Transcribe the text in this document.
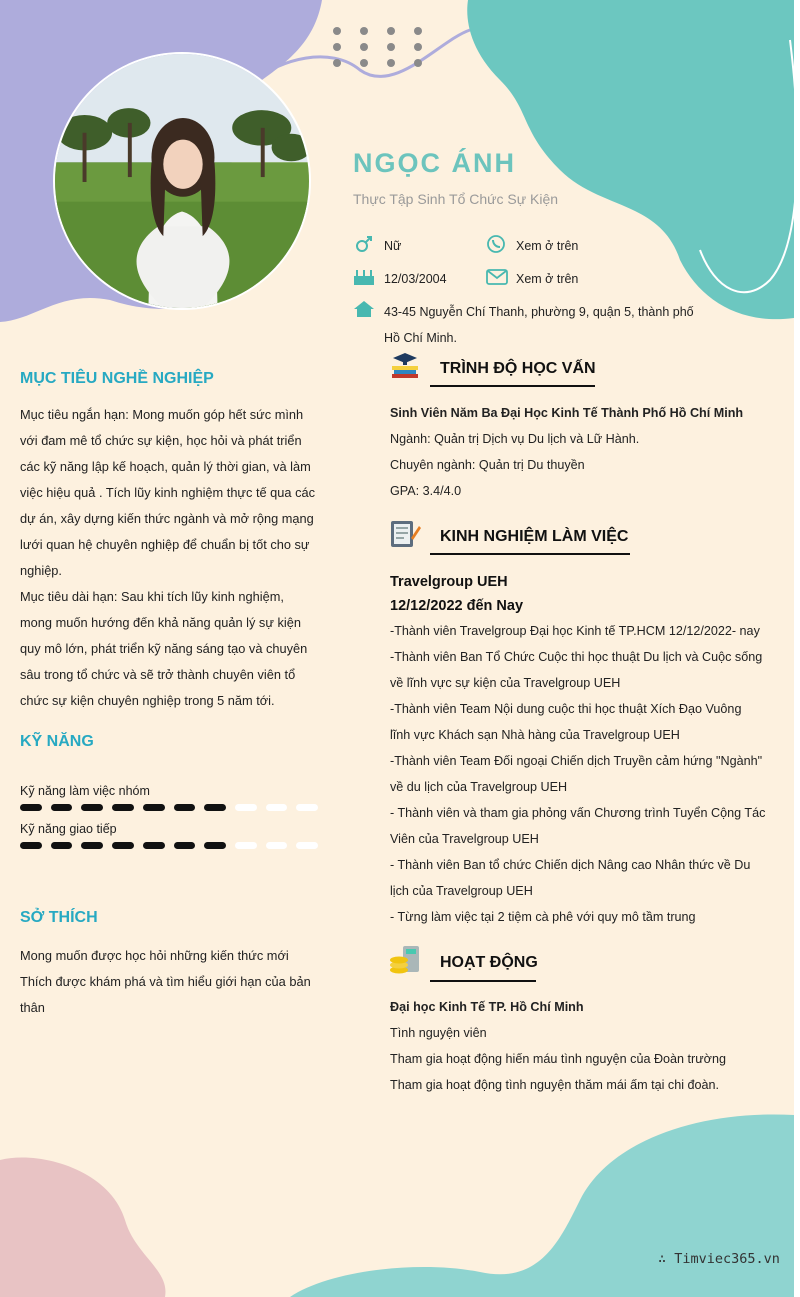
NGỌC ÁNH
Thực Tập Sinh Tổ Chức Sự Kiện
Nữ	Xem ở trên
12/03/2004	Xem ở trên
43-45 Nguyễn Chí Thanh, phường 9, quận 5, thành phố
Hồ Chí Minh.
MỤC TIÊU NGHỀ NGHIỆP

Mục tiêu ngắn hạn: Mong muốn góp hết sức mình

với đam mê tổ chức sự kiện, học hỏi và phát triển

các kỹ năng lập kế hoạch, quản lý thời gian, và làm

việc hiệu quả . Tích lũy kinh nghiệm thực tế qua các

dự án, xây dựng kiến thức ngành và mở rộng mạng

lưới quan hệ chuyên nghiệp để chuẩn bị tốt cho sự

nghiệp.

Mục tiêu dài hạn: Sau khi tích lũy kinh nghiệm,

mong muốn hướng đến khả năng quản lý sự kiện

quy mô lớn, phát triển kỹ năng sáng tạo và chuyên

sâu trong tổ chức và sẽ trở thành chuyên viên tổ

chức sự kiện chuyên nghiệp trong 5 năm tới.

KỸ NĂNG
Kỹ năng làm việc nhóm
Kỹ năng giao tiếp
SỞ THÍCH

Mong muốn được học hỏi những kiến thức mới

Thích được khám phá và tìm hiểu giới hạn của bản

thân

TRÌNH ĐỘ HỌC VẤN

Sinh Viên Năm Ba Đại Học Kinh Tế Thành Phố Hồ Chí Minh

Ngành: Quản trị Dịch vụ Du lịch và Lữ Hành.

Chuyên ngành: Quản trị Du thuyền

GPA: 3.4/4.0

KINH NGHIỆM LÀM VIỆC

Travelgroup UEH

12/12/2022 đến Nay

-Thành viên Travelgroup Đại học Kinh tế TP.HCM 12/12/2022- nay

-Thành viên Ban Tổ Chức Cuộc thi học thuật Du lịch và Cuộc sống

về lĩnh vực sự kiện của Travelgroup UEH

-Thành viên Team Nội dung cuộc thi học thuật Xích Đạo Vuông

lĩnh vực Khách sạn Nhà hàng của Travelgroup UEH

-Thành viên Team Đối ngoại Chiến dịch Truyền cảm hứng "Ngành"

về du lịch của Travelgroup UEH

- Thành viên và tham gia phỏng vấn Chương trình Tuyển Cộng Tác

Viên của Travelgroup UEH

- Thành viên Ban tổ chức Chiến dịch Nâng cao Nhân thức về Du

lịch của Travelgroup UEH

- Từng làm việc tại 2 tiệm cà phê với quy mô tầm trung

HOẠT ĐỘNG

Đại học Kinh Tế TP. Hồ Chí Minh

Tình nguyện viên

Tham gia hoạt động hiến máu tình nguyện của Đoàn trường

Tham gia hoạt động tình nguyện thăm mái ấm tại chi đoàn.

∴ Timviec365.vn
